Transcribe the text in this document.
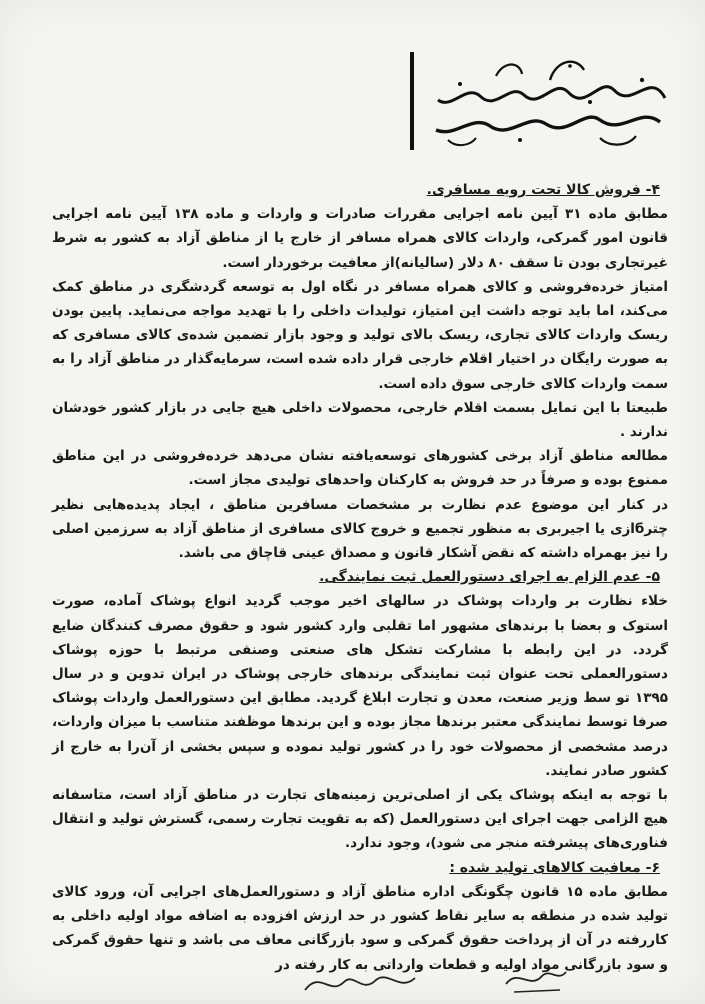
۴- فروش کالا تحت رویه مسافری.

مطابق ماده ۳۱ آیین نامه اجرایی مقررات صادرات و واردات و ماده ۱۳۸ آیین نامه اجرایی قانون امور گمرکی، واردات کالای همراه مسافر از خارج یا از مناطق آزاد به کشور به شرط غیرتجاری بودن تا سقف ۸۰ دلار (سالیانه)از معافیت برخوردار است.

امتیاز خرده‌فروشی و کالای همراه مسافر در نگاه اول به توسعه گردشگری در مناطق کمک می‌کند، اما باید توجه داشت این امتیاز، تولیدات داخلی را با تهدید مواجه می‌نماید. پایین بودن ریسک واردات کالای تجاری، ریسک بالای تولید و وجود بازار تضمین شده‌ی کالای مسافری که به صورت رایگان در اختیار اقلام خارجی قرار داده شده است، سرمایه‌گذار در مناطق آزاد را به سمت واردات کالای خارجی سوق داده است.

طبیعتا با این تمایل بسمت اقلام خارجی، محصولات داخلی هیچ جایی در بازار کشور خودشان ندارند .

مطالعه مناطق آزاد برخی کشورهای توسعه‌یافته نشان می‌دهد خرده‌فروشی در این مناطق ممنوع بوده و صرفاً در حد فروش به کارکنان واحدهای تولیدی مجاز است.

در کنار این موضوع عدم نظارت بر مشخصات مسافرین مناطق ، ایجاد پدیده‌هایی نظیر چترбازی یا اجیربری به منظور تجمیع و خروج کالای مسافری از مناطق آزاد به سرزمین اصلی را نیز بهمراه داشته که نقض آشکار قانون و مصداق عینی قاچاق می باشد.

۵- عدم الزام به اجرای دستورالعمل ثبت نمایندگی.

خلاء نظارت بر واردات پوشاک در سالهای اخیر موجب گردید انواع پوشاک آماده، صورت استوک و بعضا با برندهای مشهور اما تقلبی وارد کشور شود و حقوق مصرف کنندگان ضایع گردد. در این رابطه با مشارکت تشکل های صنعتی وصنفی مرتبط با حوزه پوشاک دستورالعملی تحت عنوان ثبت نمایندگی برندهای خارجی پوشاک در ایران تدوین و در سال ۱۳۹۵ تو سط وزیر صنعت، معدن و تجارت ابلاغ گردید. مطابق این دستورالعمل واردات پوشاک صرفا توسط نمایندگی معتبر برندها مجاز بوده و این برندها موظفند متناسب با میزان واردات، درصد مشخصی از محصولات خود را در کشور تولید نموده و سپس بخشی از آن‌را به خارج از کشور صادر نمایند.

با توجه به اینکه پوشاک یکی از اصلی‌ترین زمینه‌های تجارت در مناطق آزاد است، متاسفانه هیچ الزامی جهت اجرای این دستورالعمل (که به تقویت تجارت رسمی، گسترش تولید و انتقال فناوری‌های پیشرفته منجر می شود)، وجود ندارد.

۶- معافیت کالاهای تولید شده :

مطابق ماده ۱۵ قانون چگونگی اداره مناطق آزاد و دستورالعمل‌های اجرایی آن، ورود کالای تولید شده در منطقه به سایر نقاط کشور در حد ارزش افزوده به اضافه مواد اولیه داخلی به کاررفته در آن از پرداخت حقوق گمرکی و سود بازرگانی معاف می باشد و تنها حقوق گمرکی و سود بازرگانی مواد اولیه و قطعات وارداتی به کار رفته در
